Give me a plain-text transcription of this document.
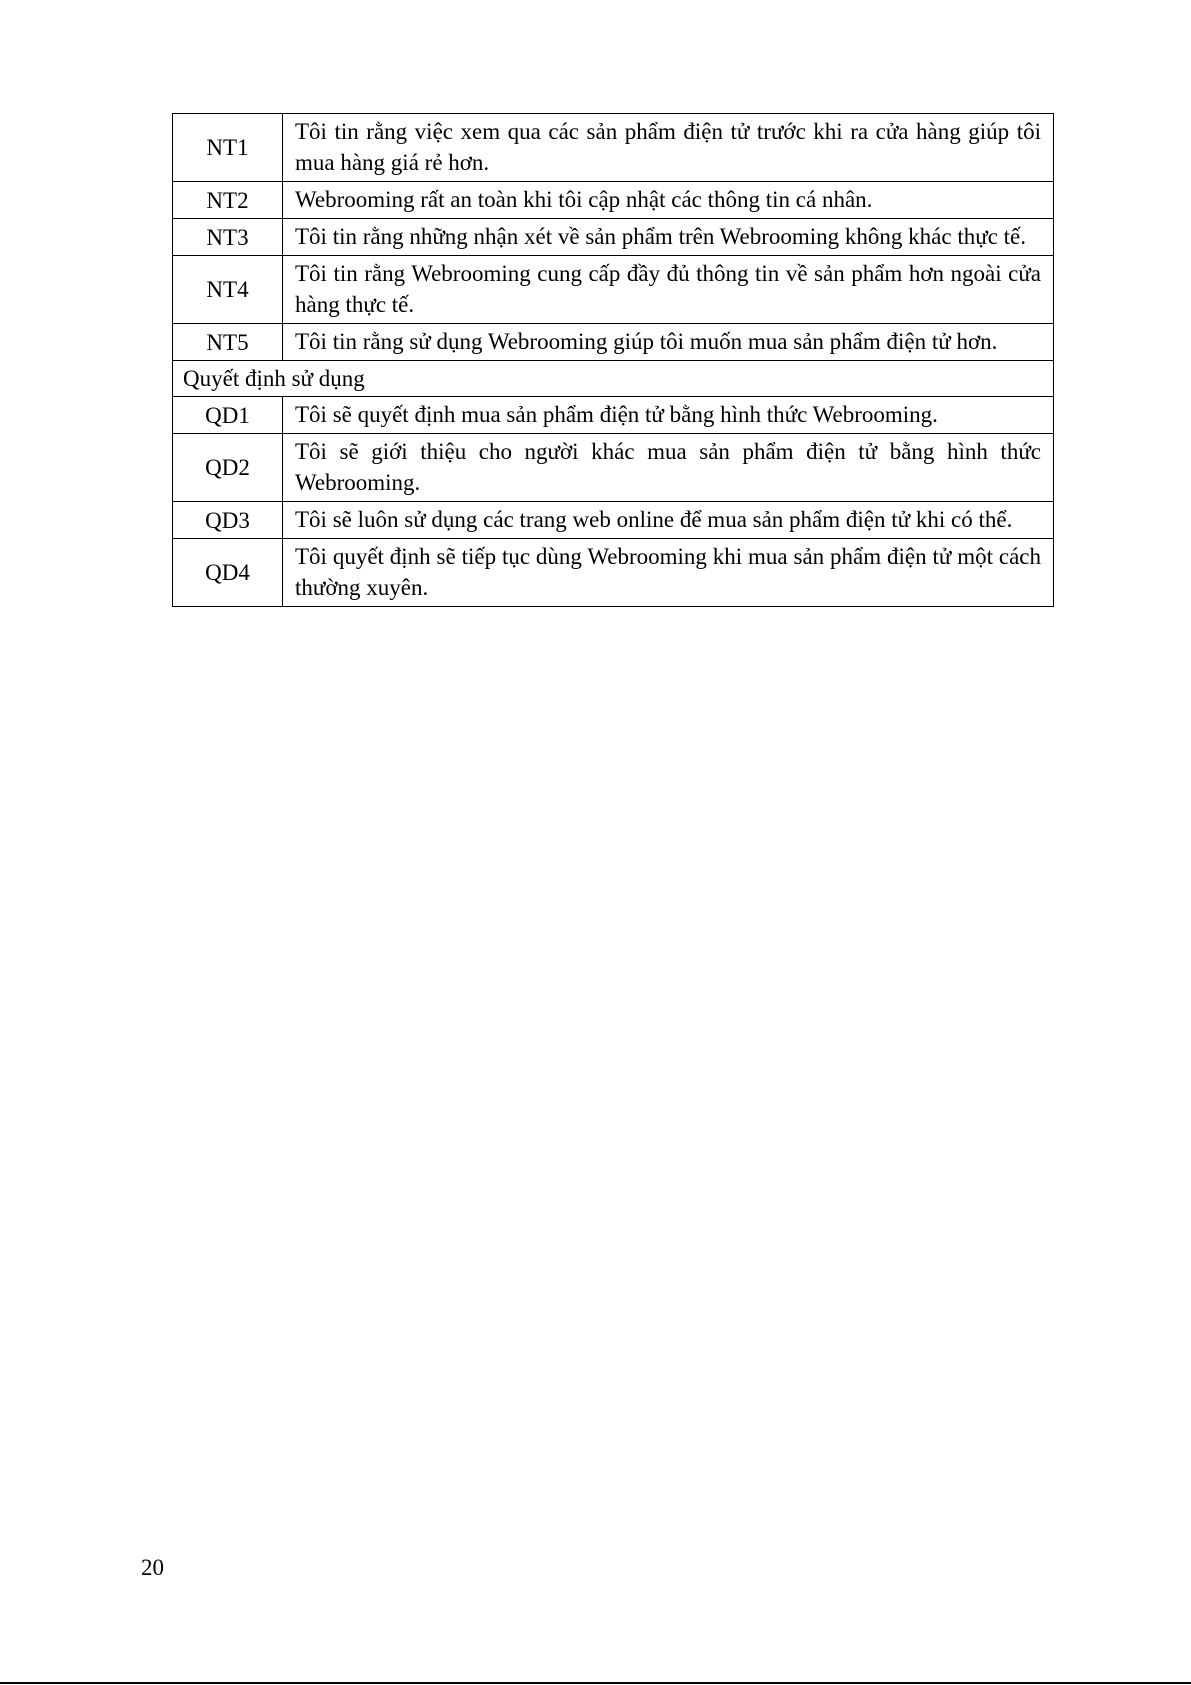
NT1	Tôi tin rằng việc xem qua các sản phẩm điện tử trước khi ra cửa hàng giúp tôi mua hàng giá rẻ hơn.
NT2	Webrooming rất an toàn khi tôi cập nhật các thông tin cá nhân.
NT3	Tôi tin rằng những nhận xét về sản phẩm trên Webrooming không khác thực tế.
NT4	Tôi tin rằng Webrooming cung cấp đầy đủ thông tin về sản phẩm hơn ngoài cửa hàng thực tế.
NT5	Tôi tin rằng sử dụng Webrooming giúp tôi muốn mua sản phẩm điện tử hơn.
Quyết định sử dụng	
QD1	Tôi sẽ quyết định mua sản phẩm điện tử bằng hình thức Webrooming.
QD2	Tôi sẽ giới thiệu cho người khác mua sản phẩm điện tử bằng hình thức Webrooming.
QD3	Tôi sẽ luôn sử dụng các trang web online để mua sản phẩm điện tử khi có thể.
QD4	Tôi quyết định sẽ tiếp tục dùng Webrooming khi mua sản phẩm điện tử một cách thường xuyên.
20
